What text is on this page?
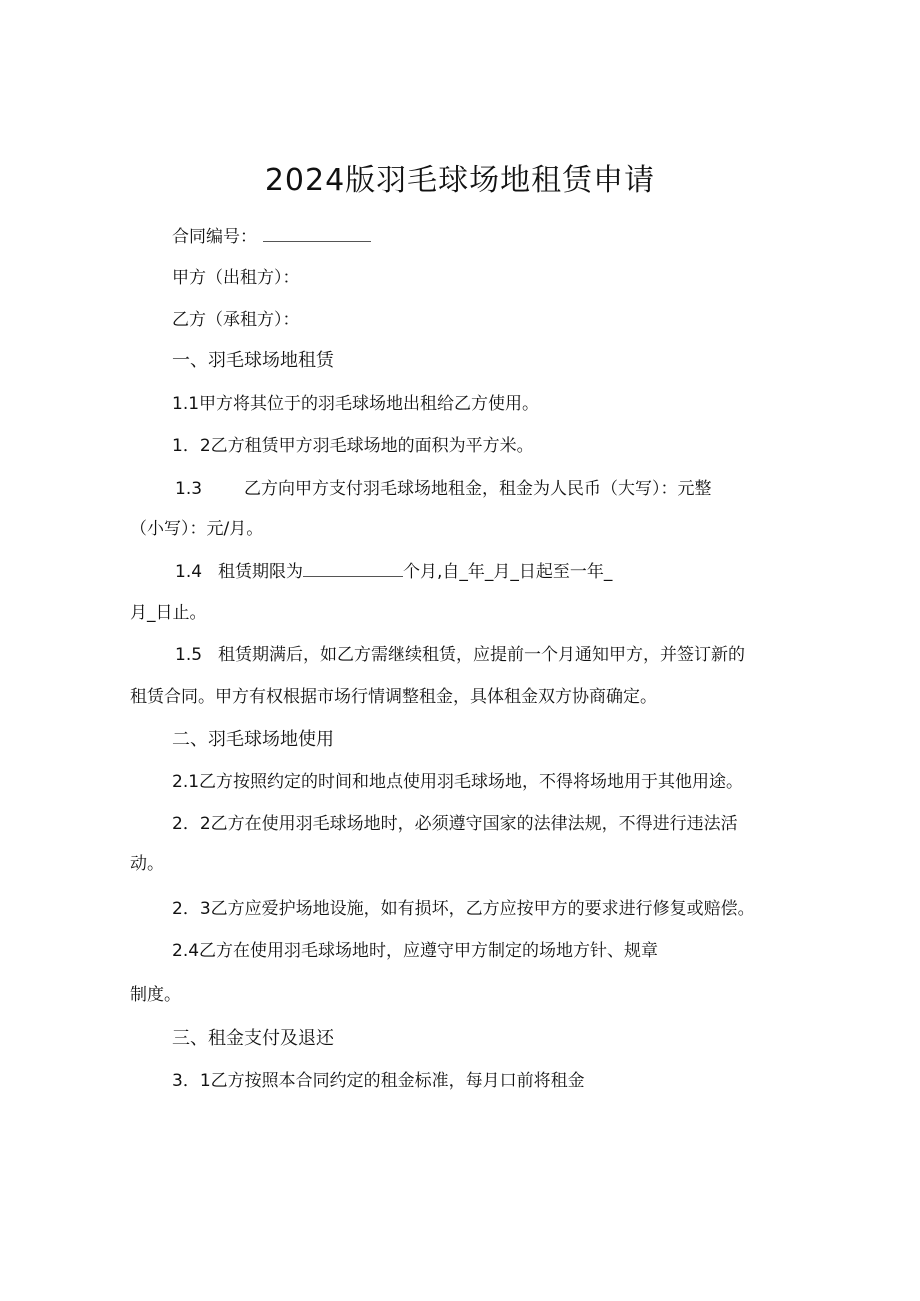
2024版羽毛球场地租赁申请
合同编号：
甲方（出租方）：
乙方（承租方）：
一、羽毛球场地租赁
1.1甲方将其位于的羽毛球场地出租给乙方使用。
1．2乙方租赁甲方羽毛球场地的面积为平方米。
1.3 乙方向甲方支付羽毛球场地租金，租金为人民币（大写）：元整
（小写）：元/月。
1.4 租赁期限为	个月,自_年_月_日起至一年_
月_日止。
1.5 租赁期满后，如乙方需继续租赁，应提前一个月通知甲方，并签订新的
租赁合同。甲方有权根据市场行情调整租金，具体租金双方协商确定。
二、羽毛球场地使用
2.1乙方按照约定的时间和地点使用羽毛球场地，不得将场地用于其他用途。
2．2乙方在使用羽毛球场地时，必须遵守国家的法律法规，不得进行违法活
动。
2．3乙方应爱护场地设施，如有损坏，乙方应按甲方的要求进行修复或赔偿。
2.4乙方在使用羽毛球场地时，应遵守甲方制定的场地方针、规章
制度。
三、租金支付及退还
3．1乙方按照本合同约定的租金标准，每月口前将租金
